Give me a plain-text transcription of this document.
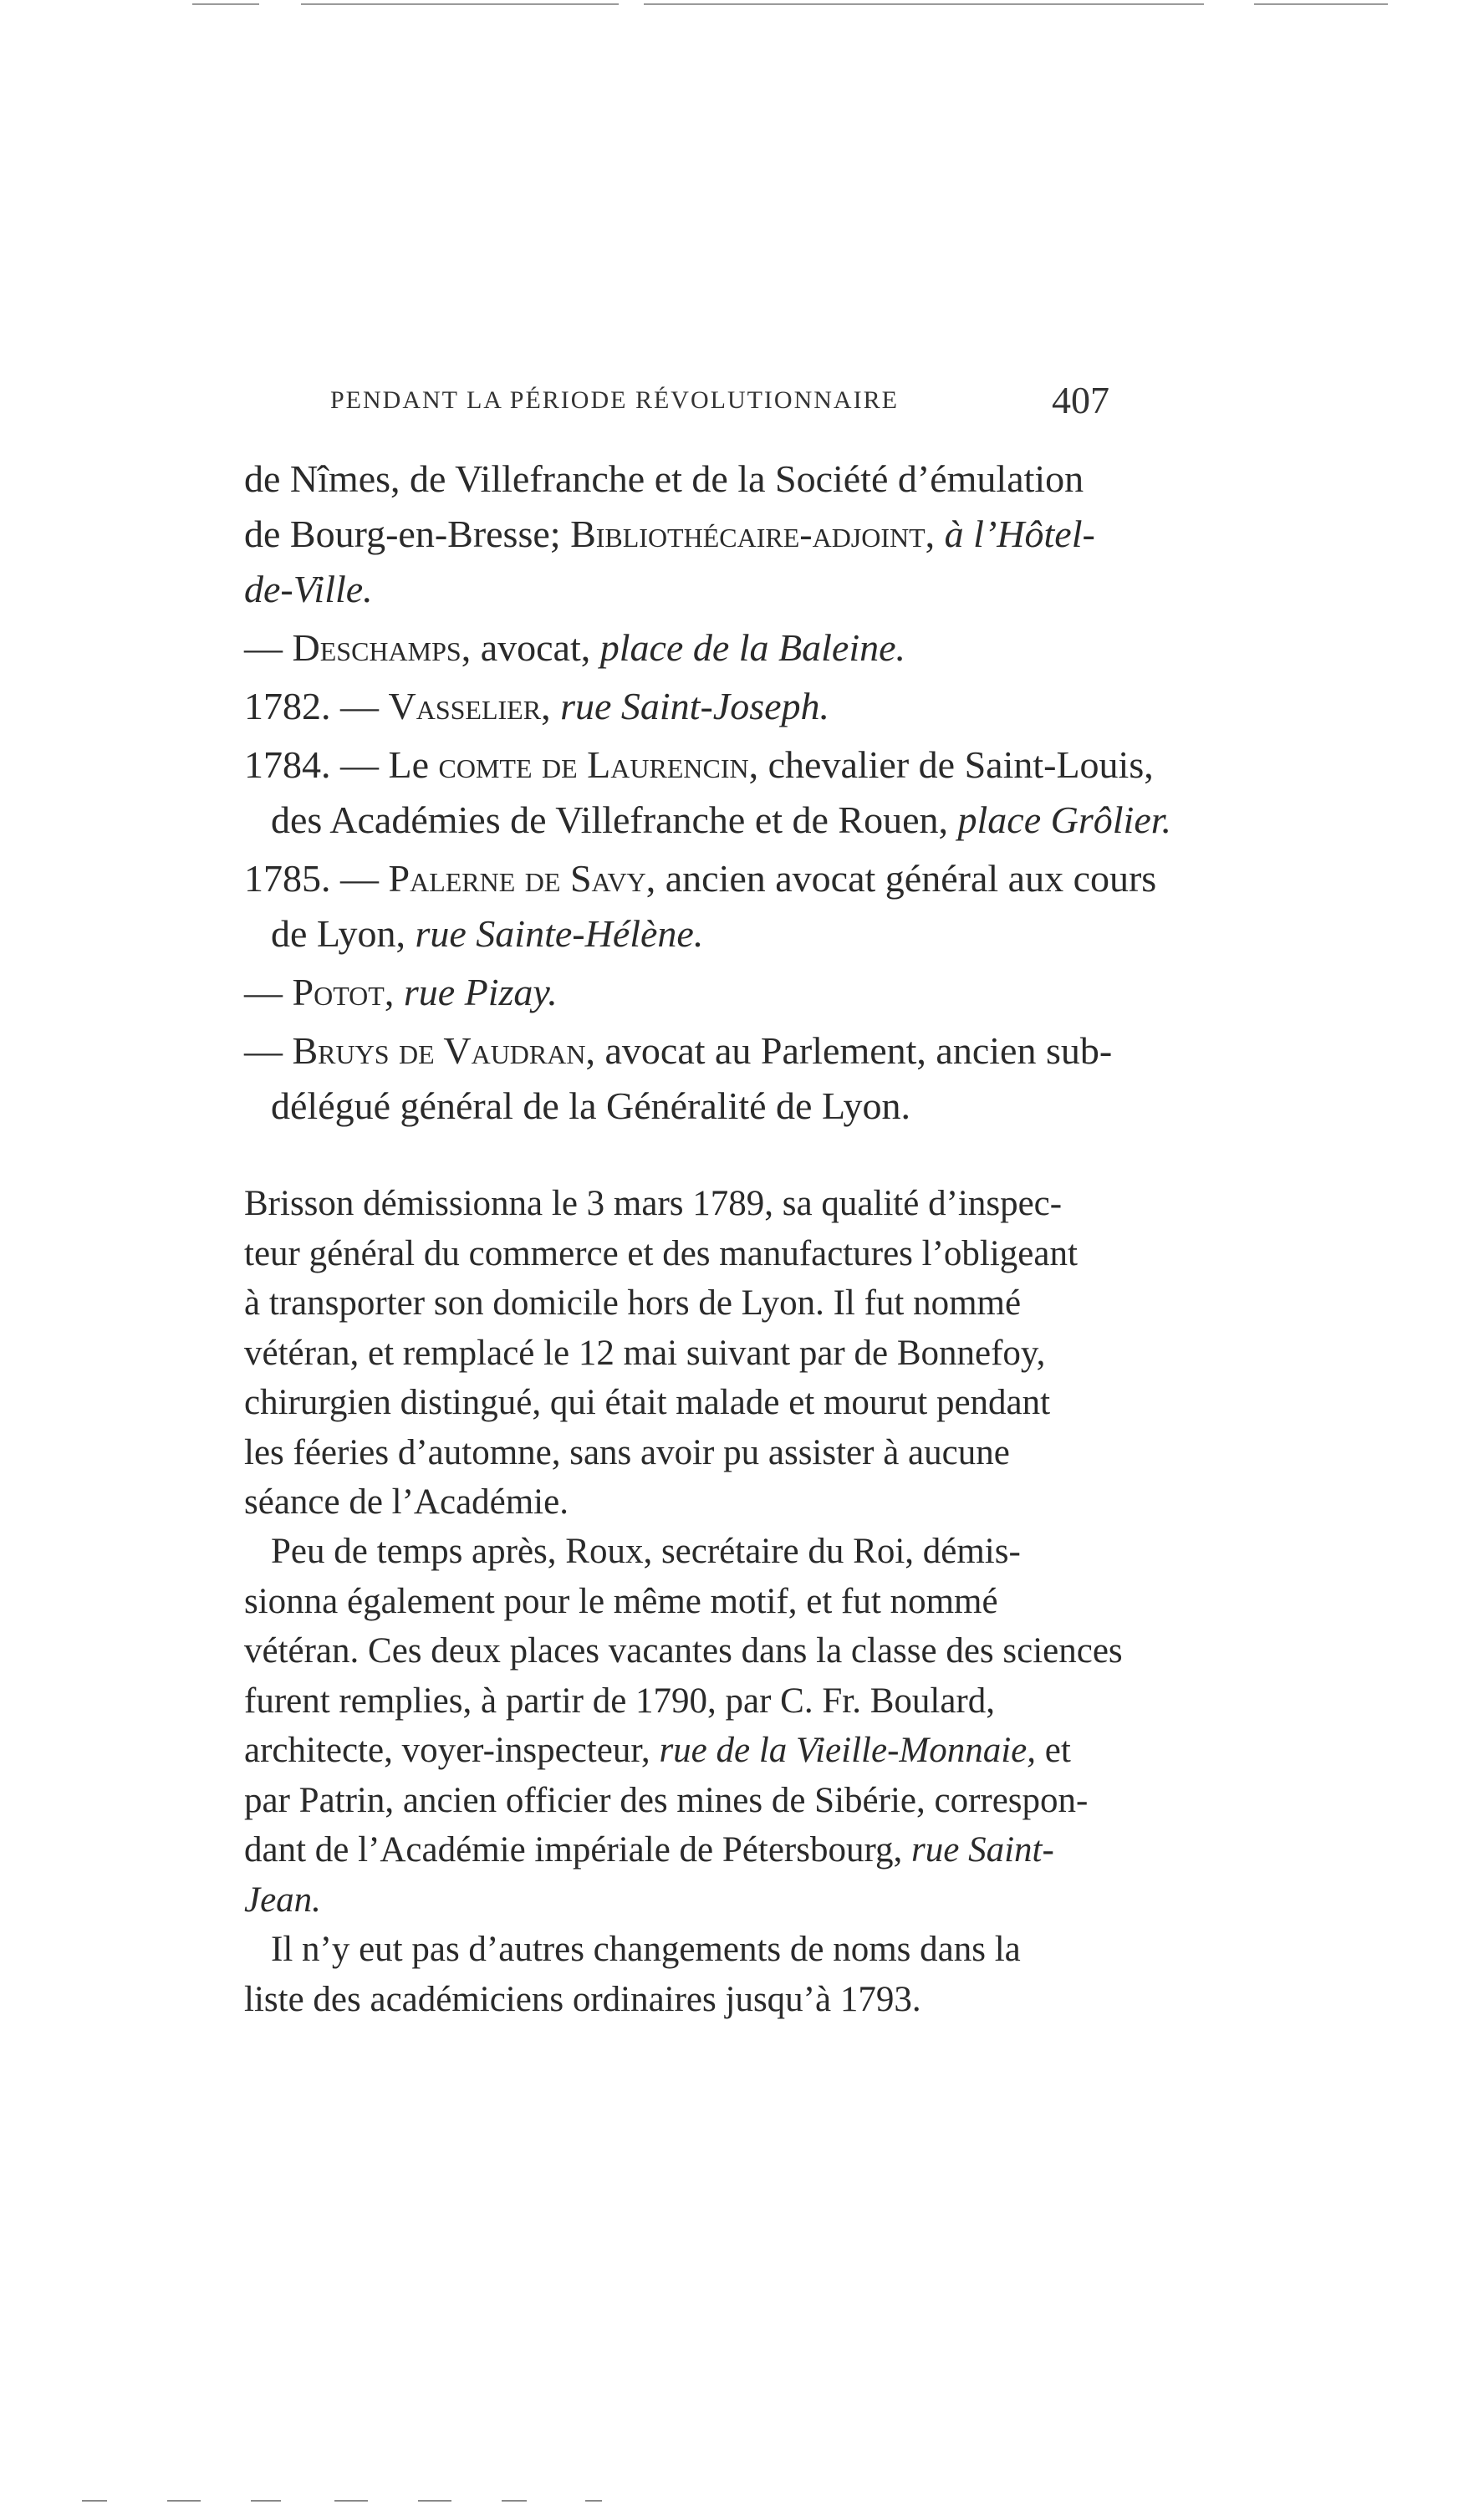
PENDANT LA PÉRIODE RÉVOLUTIONNAIRE	407
de Nîmes, de Villefranche et de la Société d’émulation
de Bourg-en-Bresse; Bibliothécaire-adjoint, à l’Hôtel-
de-Ville.
— Deschamps, avocat, place de la Baleine.
1782. — Vasselier, rue Saint-Joseph.
1784. — Le comte de Laurencin, chevalier de Saint-Louis,
des Académies de Villefranche et de Rouen, place Grôlier.
1785. — Palerne de Savy, ancien avocat général aux cours
de Lyon, rue Sainte-Hélène.
— Potot, rue Pizay.
— Bruys de Vaudran, avocat au Parlement, ancien sub-
délégué général de la Généralité de Lyon.
Brisson démissionna le 3 mars 1789, sa qualité d’inspec-
teur général du commerce et des manufactures l’obligeant
à transporter son domicile hors de Lyon. Il fut nommé
vétéran, et remplacé le 12 mai suivant par de Bonnefoy,
chirurgien distingué, qui était malade et mourut pendant
les féeries d’automne, sans avoir pu assister à aucune
séance de l’Académie.
Peu de temps après, Roux, secrétaire du Roi, démis-
sionna également pour le même motif, et fut nommé
vétéran. Ces deux places vacantes dans la classe des sciences
furent remplies, à partir de 1790, par C. Fr. Boulard,
architecte, voyer-inspecteur, rue de la Vieille-Monnaie, et
par Patrin, ancien officier des mines de Sibérie, correspon-
dant de l’Académie impériale de Pétersbourg, rue Saint-
Jean.
Il n’y eut pas d’autres changements de noms dans la
liste des académiciens ordinaires jusqu’à 1793.
